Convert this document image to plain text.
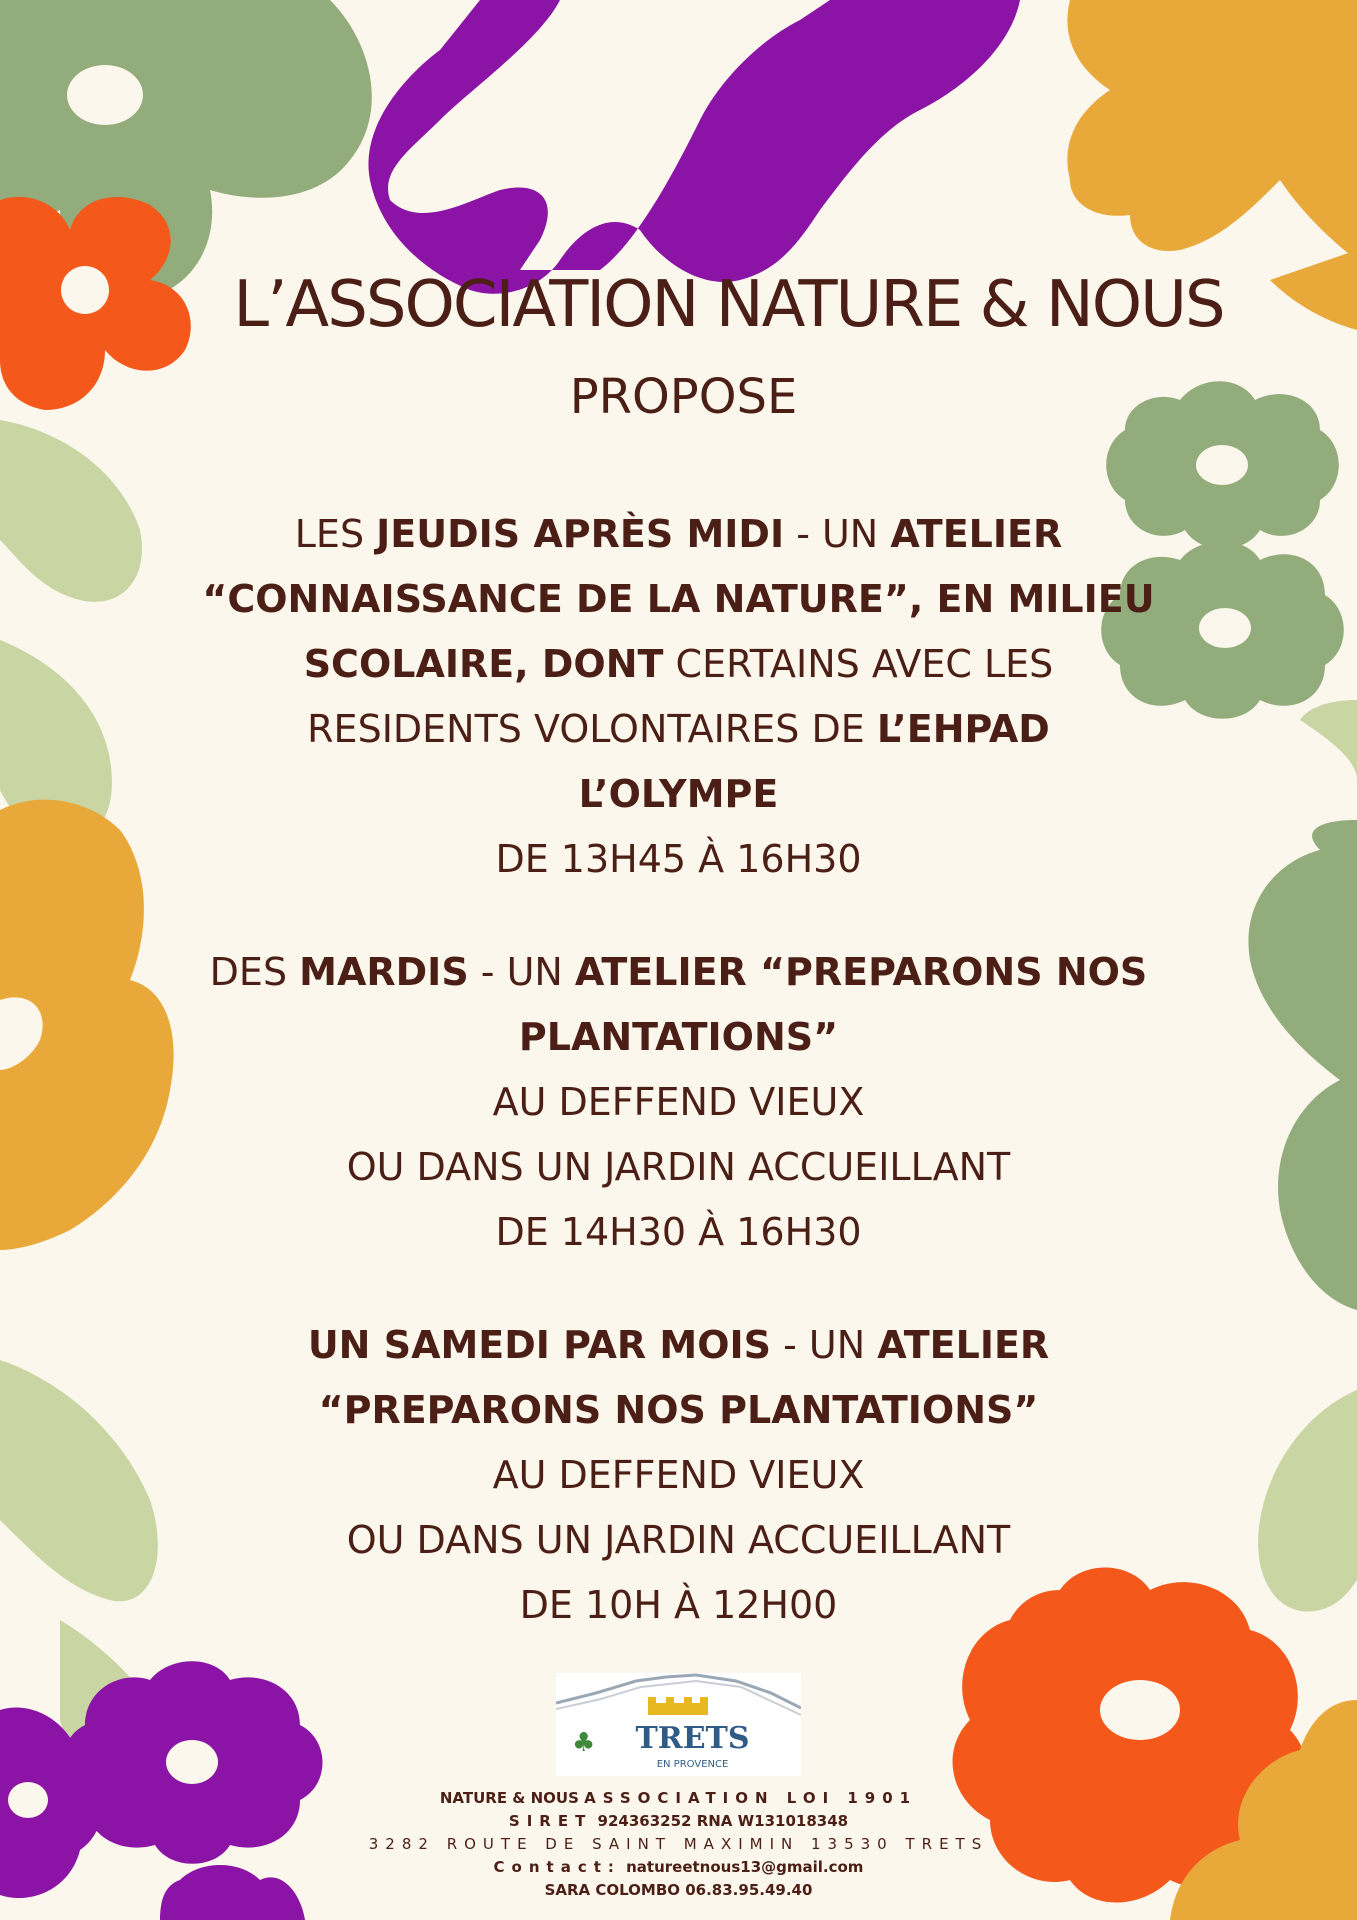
L’ASSOCIATION NATURE & NOUS
PROPOSE

LES JEUDIS APRÈS MIDI - UN ATELIER

“CONNAISSANCE DE LA NATURE”, EN MILIEU

SCOLAIRE, DONT CERTAINS AVEC LES

RESIDENTS VOLONTAIRES DE L’EHPAD

L’OLYMPE

DE 13H45 À 16H30

DES MARDIS - UN ATELIER “PREPARONS NOS

PLANTATIONS”

AU DEFFEND VIEUX

OU DANS UN JARDIN ACCUEILLANT

DE 14H30 À 16H30

UN SAMEDI PAR MOIS - UN ATELIER

“PREPARONS NOS PLANTATIONS”

AU DEFFEND VIEUX

OU DANS UN JARDIN ACCUEILLANT

DE 10H À 12H00

♣	TRETS
EN PROVENCE

NATURE & NOUS ASSOCIATION LOI 1901

SIRET 924363252 RNA W131018348

3282 ROUTE DE SAINT MAXIMIN 13530 TRETS

Contact: natureetnous13@gmail.com

SARA COLOMBO 06.83.95.49.40
